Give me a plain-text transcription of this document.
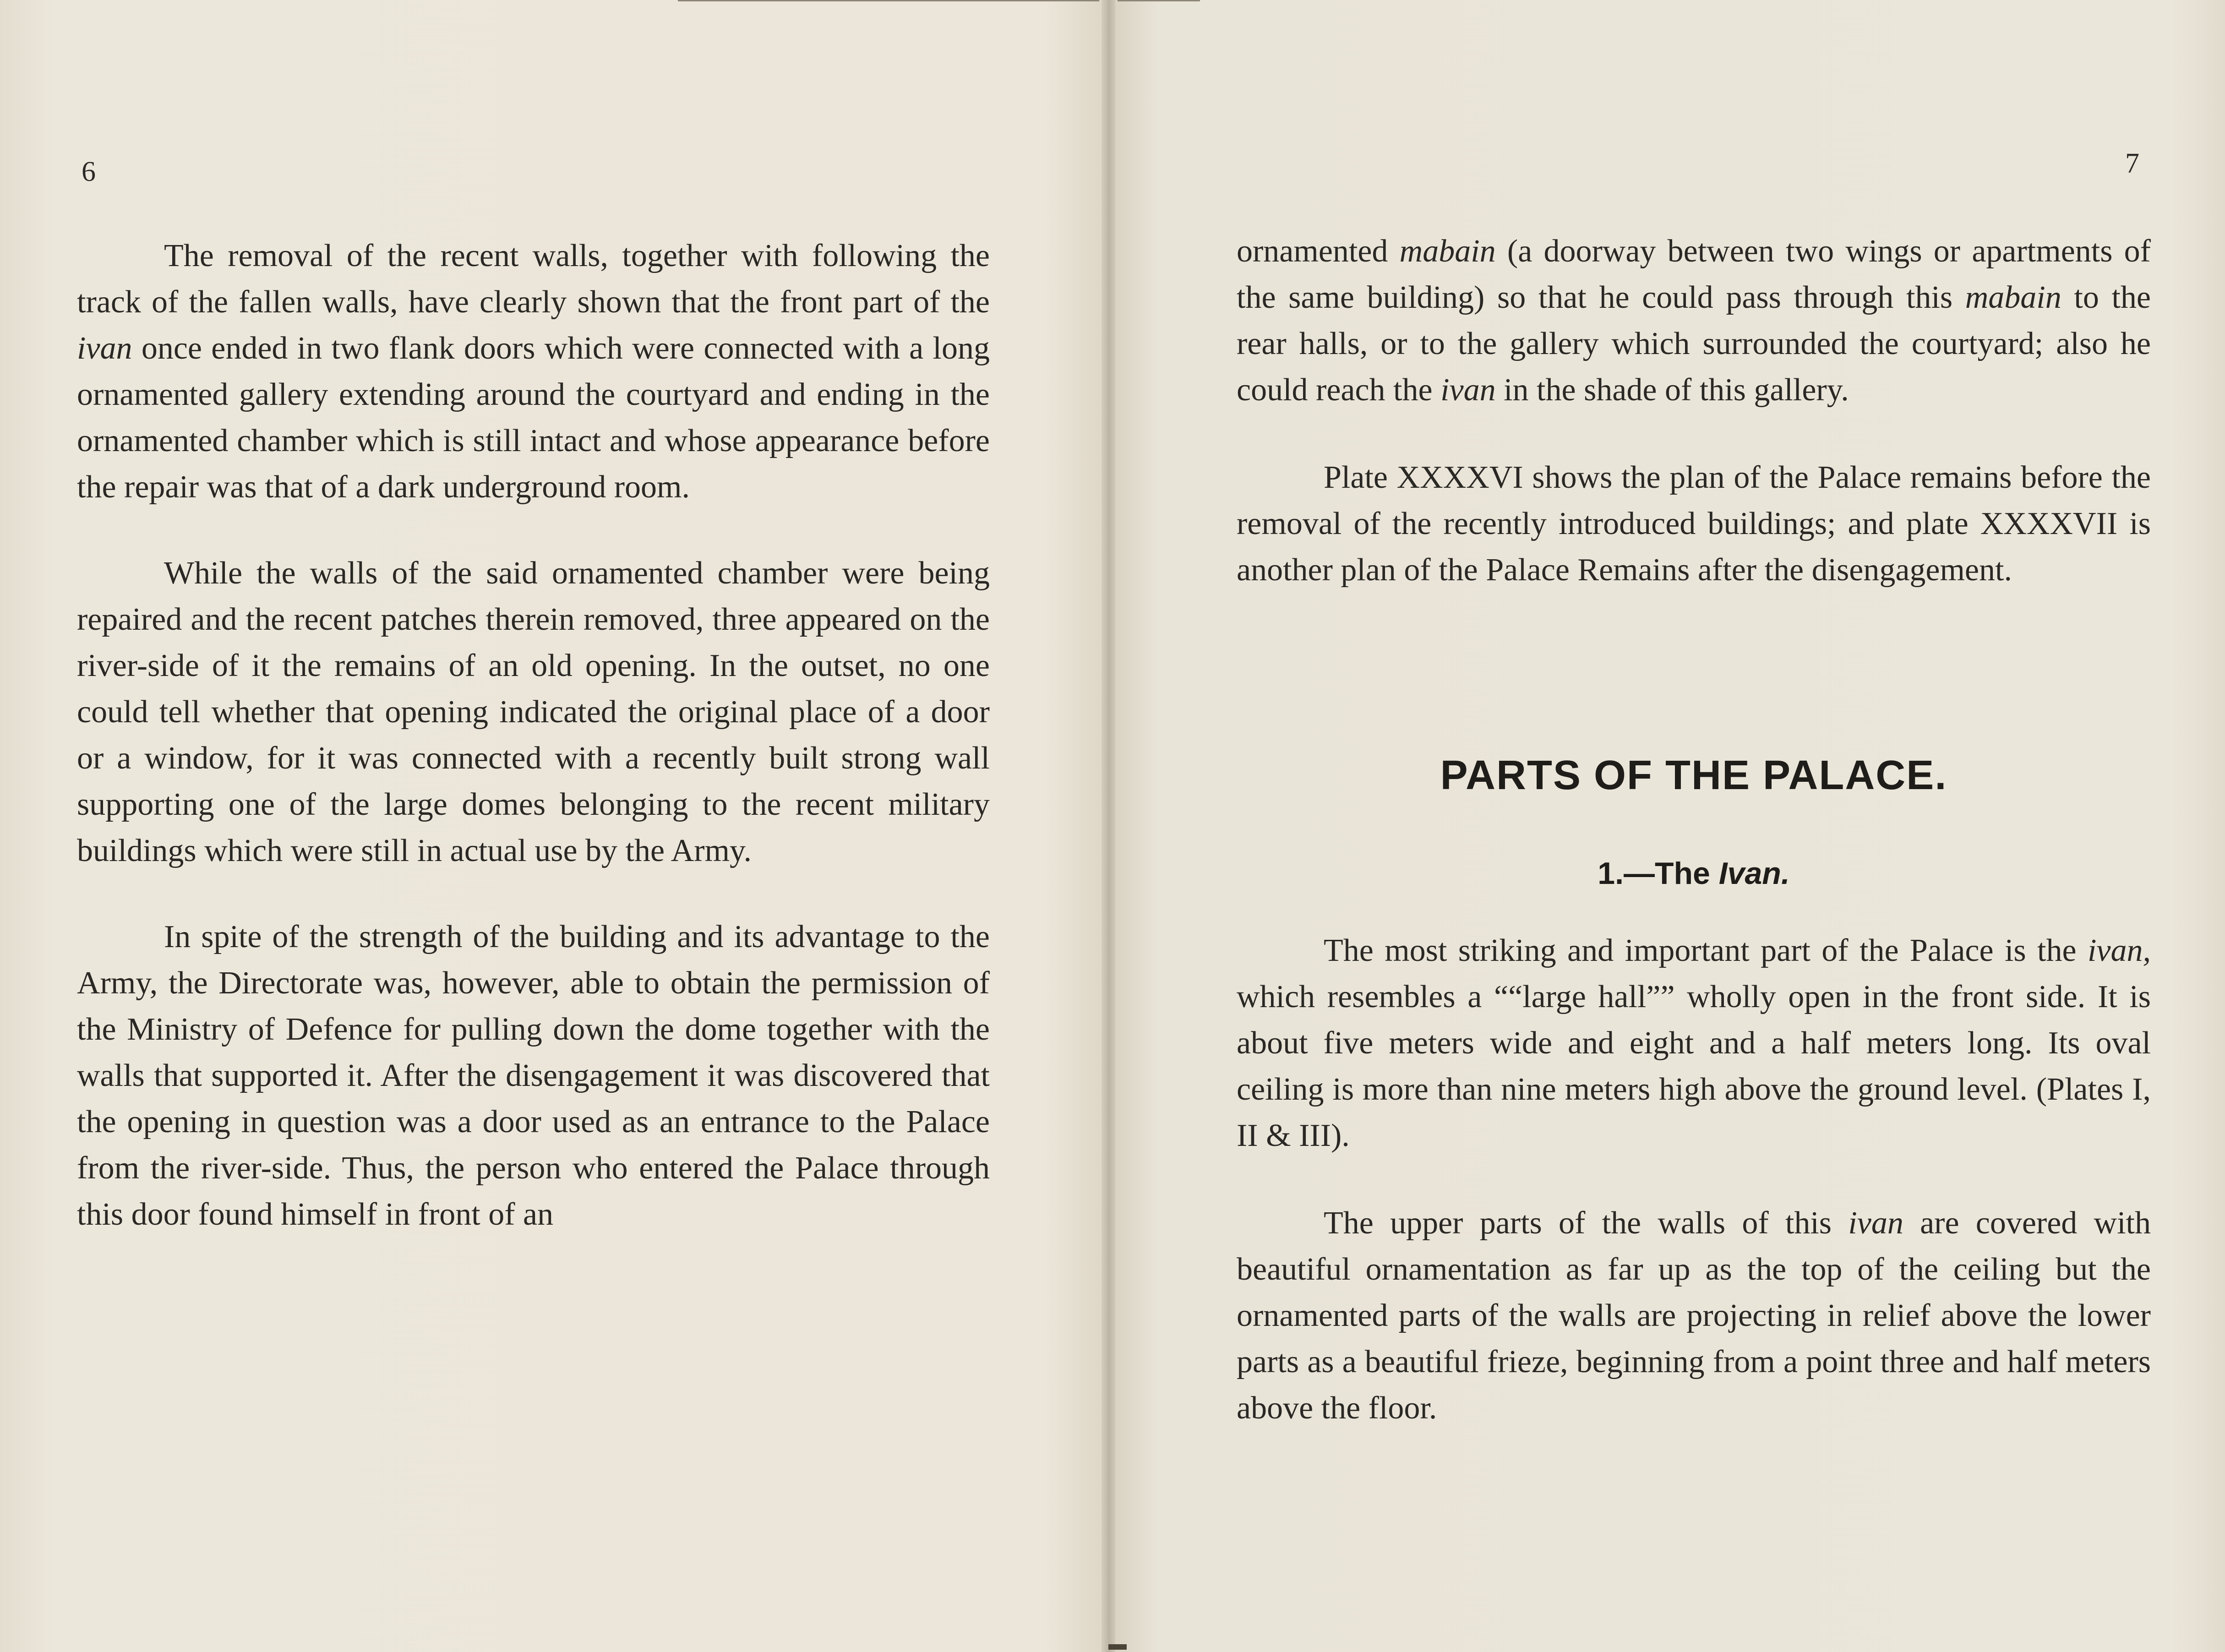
6	7

The removal of the recent walls, together with following the track of the fallen walls, have clearly shown that the front part of the ivan once ended in two flank doors which were connected with a long ornamented gallery extending around the courtyard and ending in the ornamented chamber which is still intact and whose appearance before the repair was that of a dark underground room.

While the walls of the said ornamented chamber were being repaired and the recent patches therein removed, three appeared on the river-side of it the remains of an old opening. In the outset, no one could tell whether that opening indicated the original place of a door or a window, for it was connected with a recently built strong wall supporting one of the large domes belonging to the recent military buildings which were still in actual use by the Army.

In spite of the strength of the building and its advantage to the Army, the Directorate was, however, able to obtain the permission of the Ministry of Defence for pulling down the dome together with the walls that supported it. After the disengagement it was discovered that the opening in question was a door used as an entrance to the Palace from the river-side. Thus, the person who entered the Palace through this door found himself in front of an

ornamented mabain (a doorway between two wings or apartments of the same building) so that he could pass through this mabain to the rear halls, or to the gallery which surrounded the courtyard; also he could reach the ivan in the shade of this gallery.

Plate XXXXVI shows the plan of the Palace remains before the removal of the recently introduced buildings; and plate XXXXVII is another plan of the Palace Remains after the disengagement.

PARTS OF THE PALACE.
1.—The Ivan.

The most striking and important part of the Palace is the ivan, which resembles a ““large hall”” wholly open in the front side. It is about five meters wide and eight and a half meters long. Its oval ceiling is more than nine meters high above the ground level. (Plates I, II & III).

The upper parts of the walls of this ivan are covered with beautiful ornamentation as far up as the top of the ceiling but the ornamented parts of the walls are projecting in relief above the lower parts as a beautiful frieze, beginning from a point three and half meters above the floor.
